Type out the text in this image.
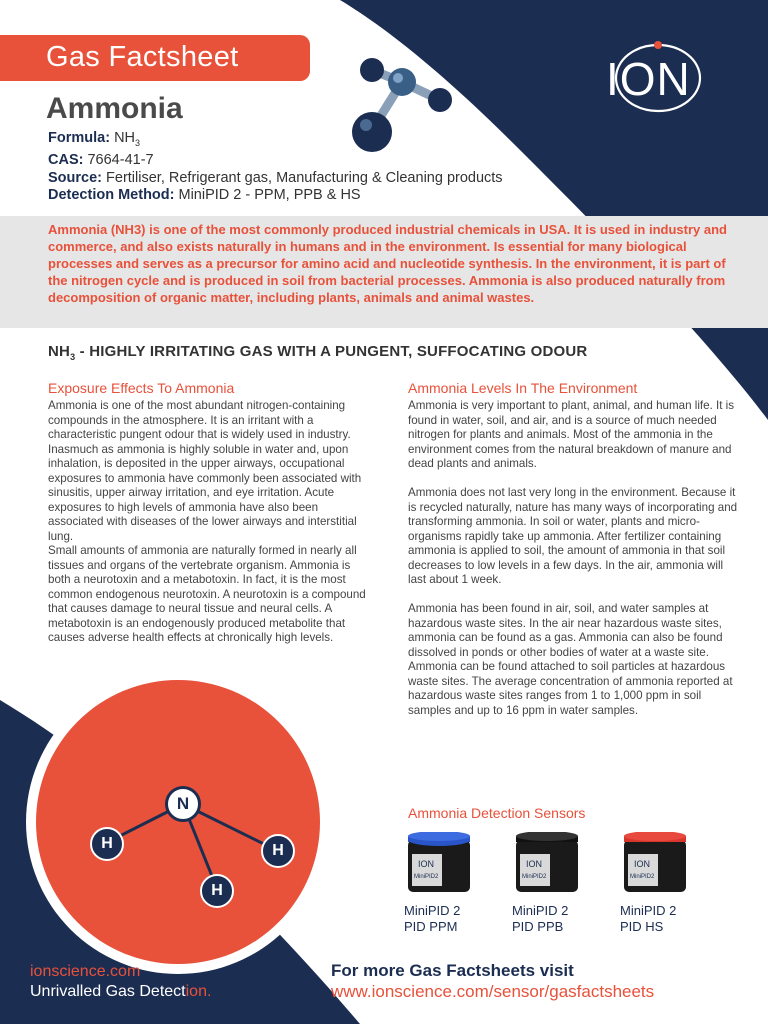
N
H	H
H
ION
Gas Factsheet
Ammonia
Formula: $NH_3$
CAS: 7664-41-7
Source: Fertiliser, Refrigerant gas, Manufacturing & Cleaning products
Detection Method: MiniPID 2 - PPM, PPB & HS
Ammonia (NH3) is one of the most commonly produced industrial chemicals in USA. It is used in industry and commerce, and also exists naturally in humans and in the environment. Is essential for many biological processes and serves as a precursor for amino acid and nucleotide synthesis. In the environment, it is part of the nitrogen cycle and is produced in soil from bacterial processes. Ammonia is also produced naturally from decomposition of organic matter, including plants, animals and animal wastes.
$NH_3$ - HIGHLY IRRITATING GAS WITH A PUNGENT, SUFFOCATING ODOUR
Exposure Effects To Ammonia

Ammonia is one of the most abundant nitrogen-containing compounds in the atmosphere. It is an irritant with a characteristic pungent odour that is widely used in industry. Inasmuch as ammonia is highly soluble in water and, upon inhalation, is deposited in the upper airways, occupational exposures to ammonia have commonly been associated with sinusitis, upper airway irritation, and eye irritation. Acute exposures to high levels of ammonia have also been associated with diseases of the lower airways and interstitial lung.

Small amounts of ammonia are naturally formed in nearly all tissues and organs of the vertebrate organism. Ammonia is both a neurotoxin and a metabotoxin. In fact, it is the most common endogenous neurotoxin. A neurotoxin is a compound that causes damage to neural tissue and neural cells. A metabotoxin is an endogenously produced metabolite that causes adverse health effects at chronically high levels.

Ammonia Levels In The Environment

Ammonia is very important to plant, animal, and human life. It is found in water, soil, and air, and is a source of much needed nitrogen for plants and animals. Most of the ammonia in the environment comes from the natural breakdown of manure and dead plants and animals.

Ammonia does not last very long in the environment. Because it is recycled naturally, nature has many ways of incorporating and transforming ammonia. In soil or water, plants and micro-organisms rapidly take up ammonia. After fertilizer containing ammonia is applied to soil, the amount of ammonia in that soil decreases to low levels in a few days. In the air, ammonia will last about 1 week.

Ammonia has been found in air, soil, and water samples at hazardous waste sites. In the air near hazardous waste sites, ammonia can be found as a gas. Ammonia can also be found dissolved in ponds or other bodies of water at a waste site. Ammonia can be found attached to soil particles at hazardous waste sites. The average concentration of ammonia reported at hazardous waste sites ranges from 1 to 1,000 ppm in soil samples and up to 16 ppm in water samples.

Ammonia Detection Sensors
ION
MiniPID2
MiniPID 2
PID PPM
ION
MiniPID2
MiniPID 2
PID PPB
ION
MiniPID2
MiniPID 2
PID HS
ionscience.com
Unrivalled Gas Detection.
For more Gas Factsheets visit
www.ionscience.com/sensor/gasfactsheets
